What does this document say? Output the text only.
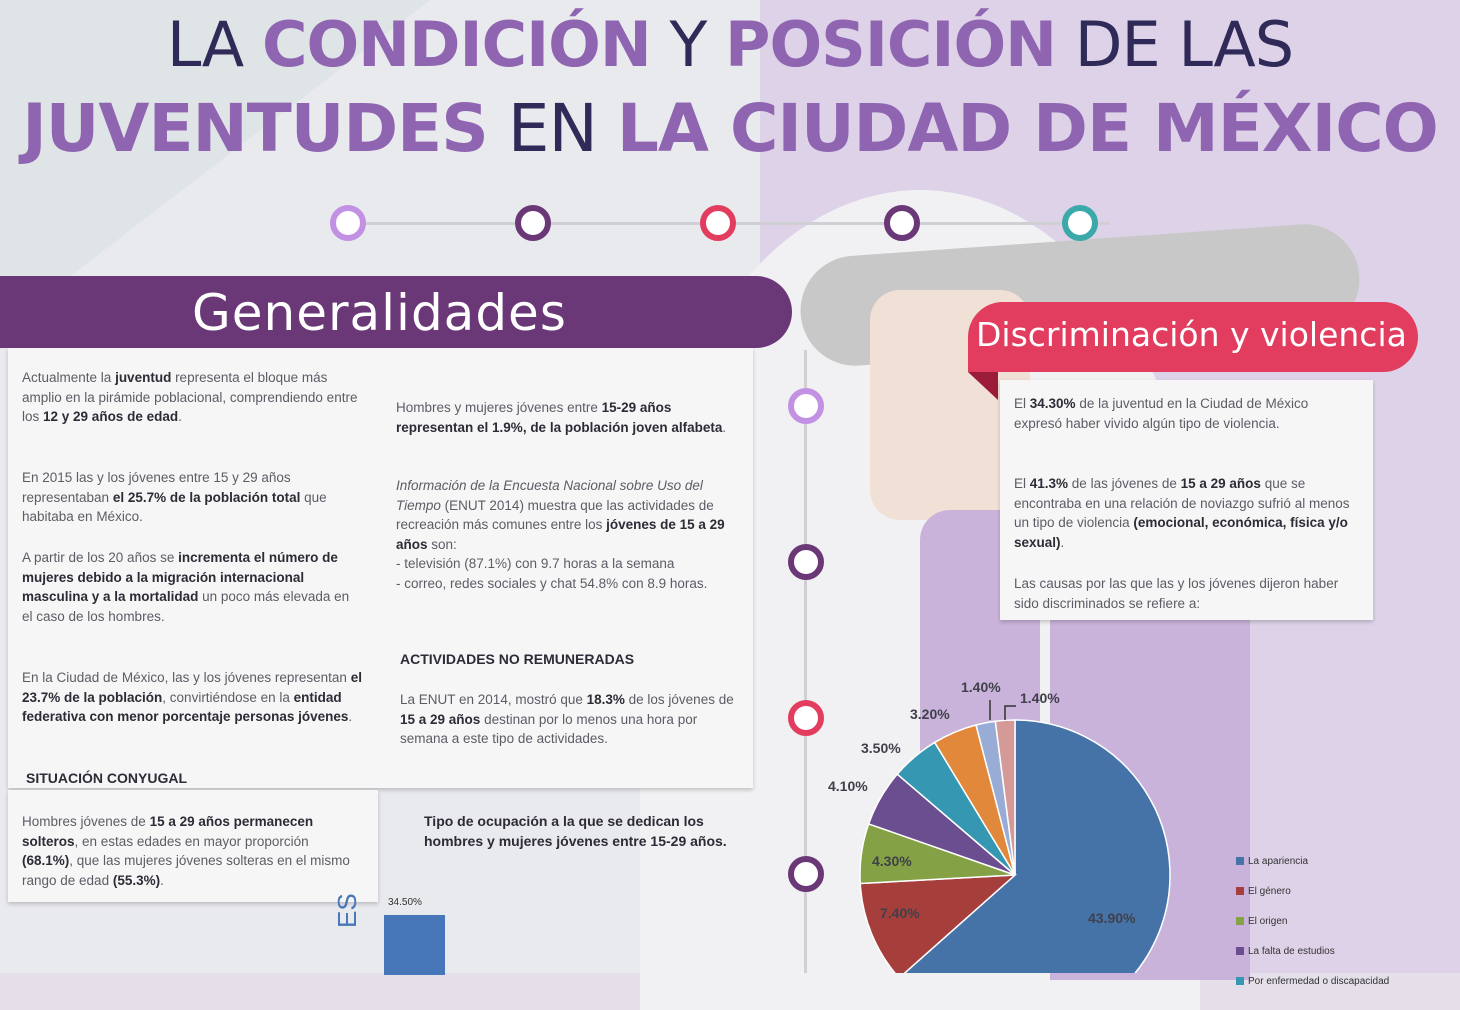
LA CONDICIÓN Y POSICIÓN DE LAS
JUVENTUDES EN LA CIUDAD DE MÉXICO
Generalidades	Discriminación y violencia
Actualmente la juventud representa el bloque más amplio en la pirámide poblacional, comprendiendo entre los 12 y 29 años de edad.
En 2015 las y los jóvenes entre 15 y 29 años representaban el 25.7% de la población total que habitaba en México.
A partir de los 20 años se incrementa el número de mujeres debido a la migración internacional masculina y a la mortalidad un poco más elevada en el caso de los hombres.
En la Ciudad de México, las y los jóvenes representan el 23.7% de la población, convirtiéndose en la entidad federativa con menor porcentaje personas jóvenes.
SITUACIÓN CONYUGAL
Hombres jóvenes de 15 a 29 años permanecen solteros, en estas edades en mayor proporción (68.1%), que las mujeres jóvenes solteras en el mismo rango de edad (55.3%).
Hombres y mujeres jóvenes entre 15-29 años representan el 1.9%, de la población joven alfabeta.
Información de la Encuesta Nacional sobre Uso del Tiempo (ENUT 2014) muestra que las actividades de recreación más comunes entre los jóvenes de 15 a 29 años son:
- televisión (87.1%) con 9.7 horas a la semana
- correo, redes sociales y chat 54.8% con 8.9 horas.
ACTIVIDADES NO REMUNERADAS
La ENUT en 2014, mostró que 18.3% de los jóvenes de 15 a 29 años destinan por lo menos una hora por semana a este tipo de actividades.
Tipo de ocupación a la que se dedican los hombres y mujeres jóvenes entre 15-29 años.
34.50%
ES
El 34.30% de la juventud en la Ciudad de México expresó haber vivido algún tipo de violencia.
El 41.3% de las jóvenes de 15 a 29 años que se encontraba en una relación de noviazgo sufrió al menos un tipo de violencia (emocional, económica, física y/o sexual).
Las causas por las que las y los jóvenes dijeron haber sido discriminados se refiere a:
43.90%
7.40%
4.30%
4.10%
3.50%
3.20%
1.40%
1.40%
La apariencia
El género
El origen
La falta de estudios
Por enfermedad o discapacidad
